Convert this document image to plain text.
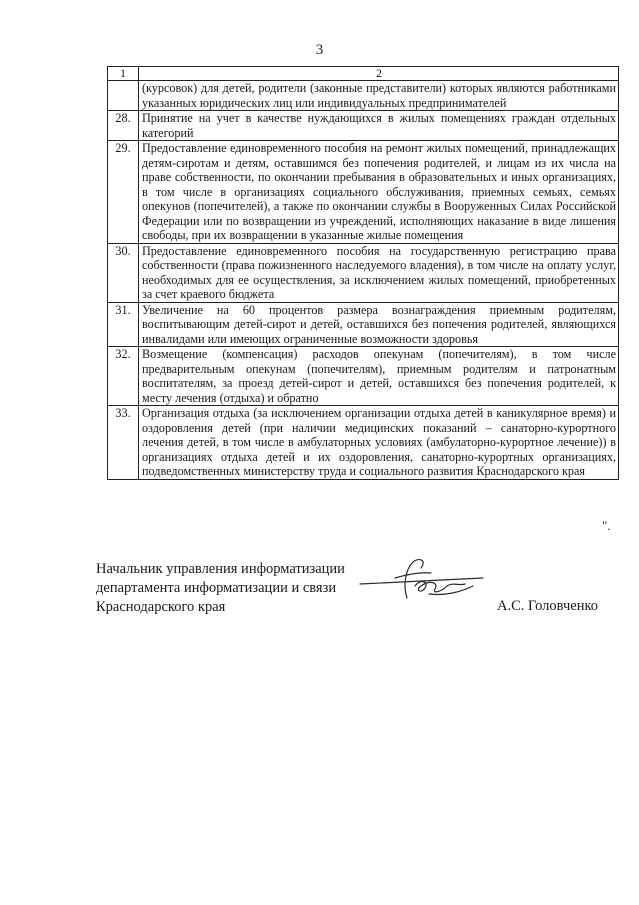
3
1	2
	(курсовок) для детей, родители (законные представители) которых являются работниками указанных юридических лиц или индивидуальных предпринимателей
28.	Принятие на учет в качестве нуждающихся в жилых помещениях граждан отдельных категорий
29.	Предоставление единовременного пособия на ремонт жилых помещений, принадлежащих детям-сиротам и детям, оставшимся без попечения родителей, и лицам из их числа на праве собственности, по окончании пребывания в образовательных и иных организациях, в том числе в организациях социального обслуживания, приемных семьях, семьях опекунов (попечителей), а также по окончании службы в Вооруженных Силах Российской Федерации или по возвращении из учреждений, исполняющих наказание в виде лишения свободы, при их возвращении в указанные жилые помещения
30.	Предоставление единовременного пособия на государственную регистрацию права собственности (права пожизненного наследуемого владения), в том числе на оплату услуг, необходимых для ее осуществления, за исключением жилых помещений, приобретенных за счет краевого бюджета
31.	Увеличение на 60 процентов размера вознаграждения приемным родителям, воспитывающим детей-сирот и детей, оставшихся без попечения родителей, являющихся инвалидами или имеющих ограниченные возможности здоровья
32.	Возмещение (компенсация) расходов опекунам (попечителям), в том числе предварительным опекунам (попечителям), приемным родителям и патронатным воспитателям, за проезд детей-сирот и детей, оставшихся без попечения родителей, к месту лечения (отдыха) и обратно
33.	Организация отдыха (за исключением организации отдыха детей в каникулярное время) и оздоровления детей (при наличии медицинских показаний – санаторно-курортного лечения детей, в том числе в амбулаторных условиях (амбулаторно-курортное лечение)) в организациях отдыха детей и их оздоровления, санаторно-курортных организациях, подведомственных министерству труда и социального развития Краснодарского края
".
Начальник управления информатизации
департамента информатизации и связи
Краснодарского края	А.С. Головченко
